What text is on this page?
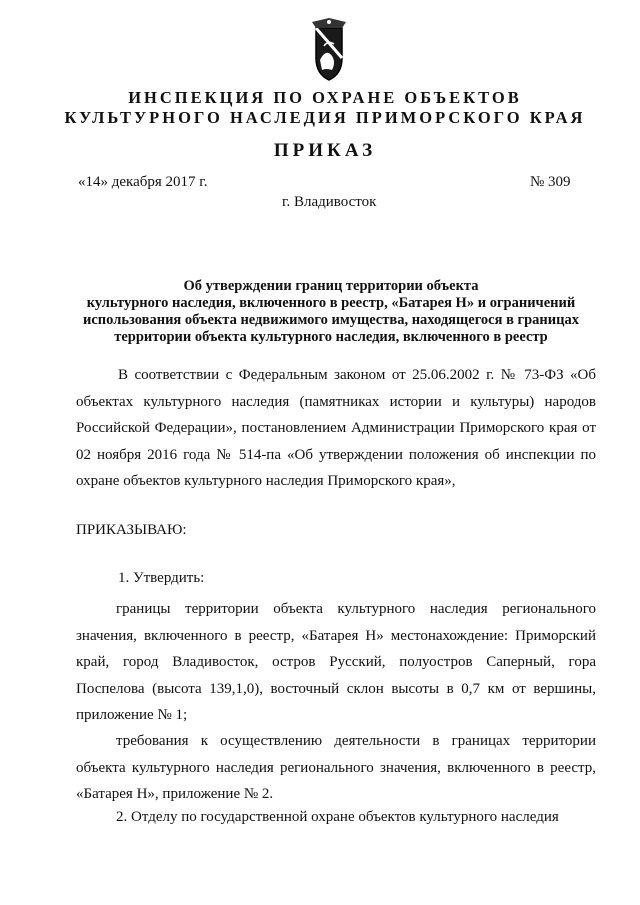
ИНСПЕКЦИЯ ПО ОХРАНЕ ОБЪЕКТОВ
КУЛЬТУРНОГО НАСЛЕДИЯ ПРИМОРСКОГО КРАЯ
ПРИКАЗ
«14» декабря 2017 г.	№ 309
г. Владивосток
Об утверждении границ территории объекта
культурного наследия, включенного в реестр, «Батарея Н» и ограничений
использования объекта недвижимого имущества, находящегося в границах
территории объекта культурного наследия, включенного в реестр
В соответствии с Федеральным законом от 25.06.2002 г. № 73-ФЗ «Об объектах культурного наследия (памятниках истории и культуры) народов Российской Федерации», постановлением Администрации Приморского края от 02 ноября 2016 года № 514-па «Об утверждении положения об инспекции по охране объектов культурного наследия Приморского края»,
ПРИКАЗЫВАЮ:
1. Утвердить:
границы территории объекта культурного наследия регионального значения, включенного в реестр, «Батарея Н» местонахождение: Приморский край, город Владивосток, остров Русский, полуостров Саперный, гора Поспелова (высота 139,1,0), восточный склон высоты в 0,7 км от вершины, приложение № 1;
требования к осуществлению деятельности в границах территории объекта культурного наследия регионального значения, включенного в реестр, «Батарея Н», приложение № 2.
2. Отделу по государственной охране объектов культурного наследия
